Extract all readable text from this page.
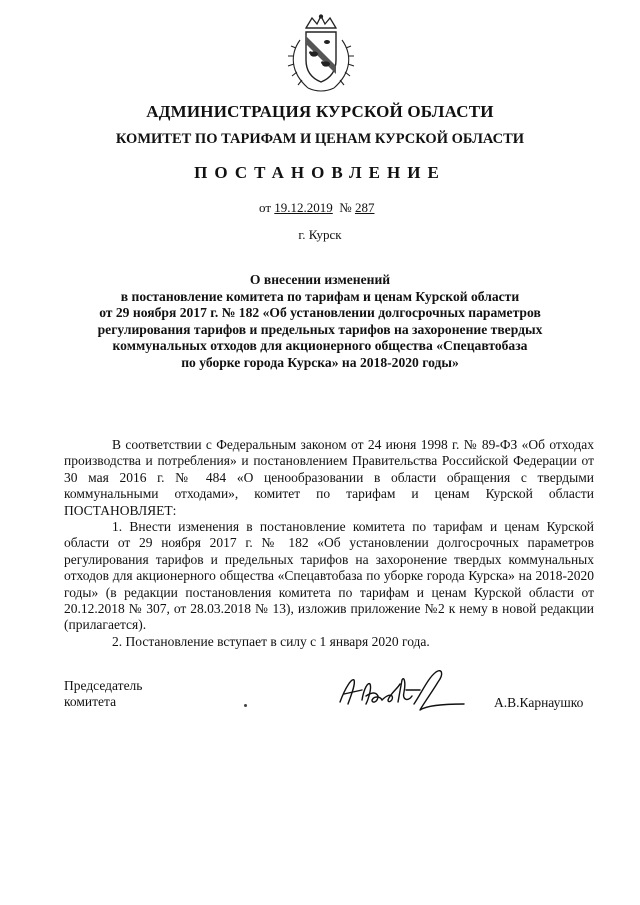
АДМИНИСТРАЦИЯ КУРСКОЙ ОБЛАСТИ
КОМИТЕТ ПО ТАРИФАМ И ЦЕНАМ КУРСКОЙ ОБЛАСТИ
ПОСТАНОВЛЕНИЕ
от 19.12.2019 № 287
г. Курск
О внесении изменений
в постановление комитета по тарифам и ценам Курской области
от 29 ноября 2017 г. № 182 «Об установлении долгосрочных параметров
регулирования тарифов и предельных тарифов на захоронение твердых
коммунальных отходов для акционерного общества «Спецавтобаза
по уборке города Курска» на 2018-2020 годы»

В соответствии с Федеральным законом от 24 июня 1998 г. № 89-ФЗ «Об отходах производства и потребления» и постановлением Правительства Российской Федерации от 30 мая 2016 г. № 484 «О ценообразовании в области обращения с твердыми коммунальными отходами», комитет по тарифам и ценам Курской области ПОСТАНОВЛЯЕТ:

1. Внести изменения в постановление комитета по тарифам и ценам Курской области от 29 ноября 2017 г. № 182 «Об установлении долгосрочных параметров регулирования тарифов и предельных тарифов на захоронение твердых коммунальных отходов для акционерного общества «Спецавтобаза по уборке города Курска» на 2018-2020 годы» (в редакции постановления комитета по тарифам и ценам Курской области от 20.12.2018 № 307, от 28.03.2018 № 13), изложив приложение №2 к нему в новой редакции (прилагается).

2. Постановление вступает в силу с 1 января 2020 года.

Председатель
комитета	А.В.Карнаушко
